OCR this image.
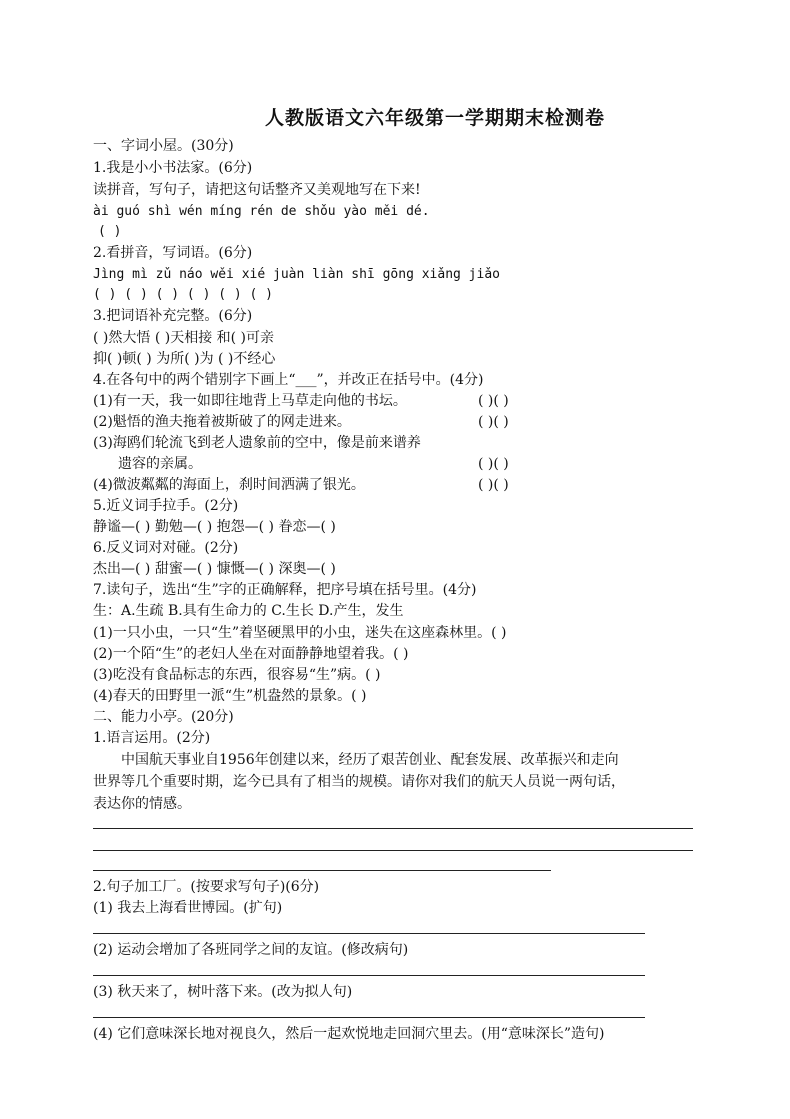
人教版语文六年级第一学期期末检测卷
一、字词小屋。(30分)
1.我是小小书法家。(6分)
读拼音，写句子，请把这句话整齐又美观地写在下来!
ài guó shì wén míng rén de shǒu yào měi dé.
( )
2.看拼音，写词语。(6分)
Jìng mì zǔ náo wěi xié juàn liàn shī gōng xiǎng jiǎo
( ) ( ) ( ) ( ) ( ) ( )
3.把词语补充完整。(6分)
( )然大悟 ( )天相接 和( )可亲
抑( )顿( ) 为所( )为 ( )不经心
4.在各句中的两个错别字下画上“___”，并改正在括号中。(4分)
(1)有一天，我一如即往地背上马草走向他的书坛。	( )( )
(2)魁悟的渔夫拖着被斯破了的网走进来。	( )( )
(3)海鸥们轮流飞到老人遗象前的空中，像是前来谱养
遗容的亲属。	( )( )
(4)微波粼粼的海面上，刹时间洒满了银光。	( )( )
5.近义词手拉手。(2分)
静谧—( ) 勤勉—( ) 抱怨—( ) 眷恋—( )
6.反义词对对碰。(2分)
杰出—( ) 甜蜜—( ) 慷慨—( ) 深奥—( )
7.读句子，选出“生”字的正确解释，把序号填在括号里。(4分)
生：A.生疏 B.具有生命力的 C.生长 D.产生，发生
(1)一只小虫，一只“生”着坚硬黑甲的小虫，迷失在这座森林里。( )
(2)一个陌“生”的老妇人坐在对面静静地望着我。( )
(3)吃没有食品标志的东西，很容易“生”病。( )
(4)春天的田野里一派“生”机盎然的景象。( )
二、能力小亭。(20分)
1.语言运用。(2分)
中国航天事业自1956年创建以来，经历了艰苦创业、配套发展、改革振兴和走向
世界等几个重要时期，迄今已具有了相当的规模。请你对我们的航天人员说一两句话，
表达你的情感。
2.句子加工厂。(按要求写句子)(6分)
(1) 我去上海看世博园。(扩句)
(2) 运动会增加了各班同学之间的友谊。(修改病句)
(3) 秋天来了，树叶落下来。(改为拟人句)
(4) 它们意味深长地对视良久，然后一起欢悦地走回洞穴里去。(用“意味深长”造句)
